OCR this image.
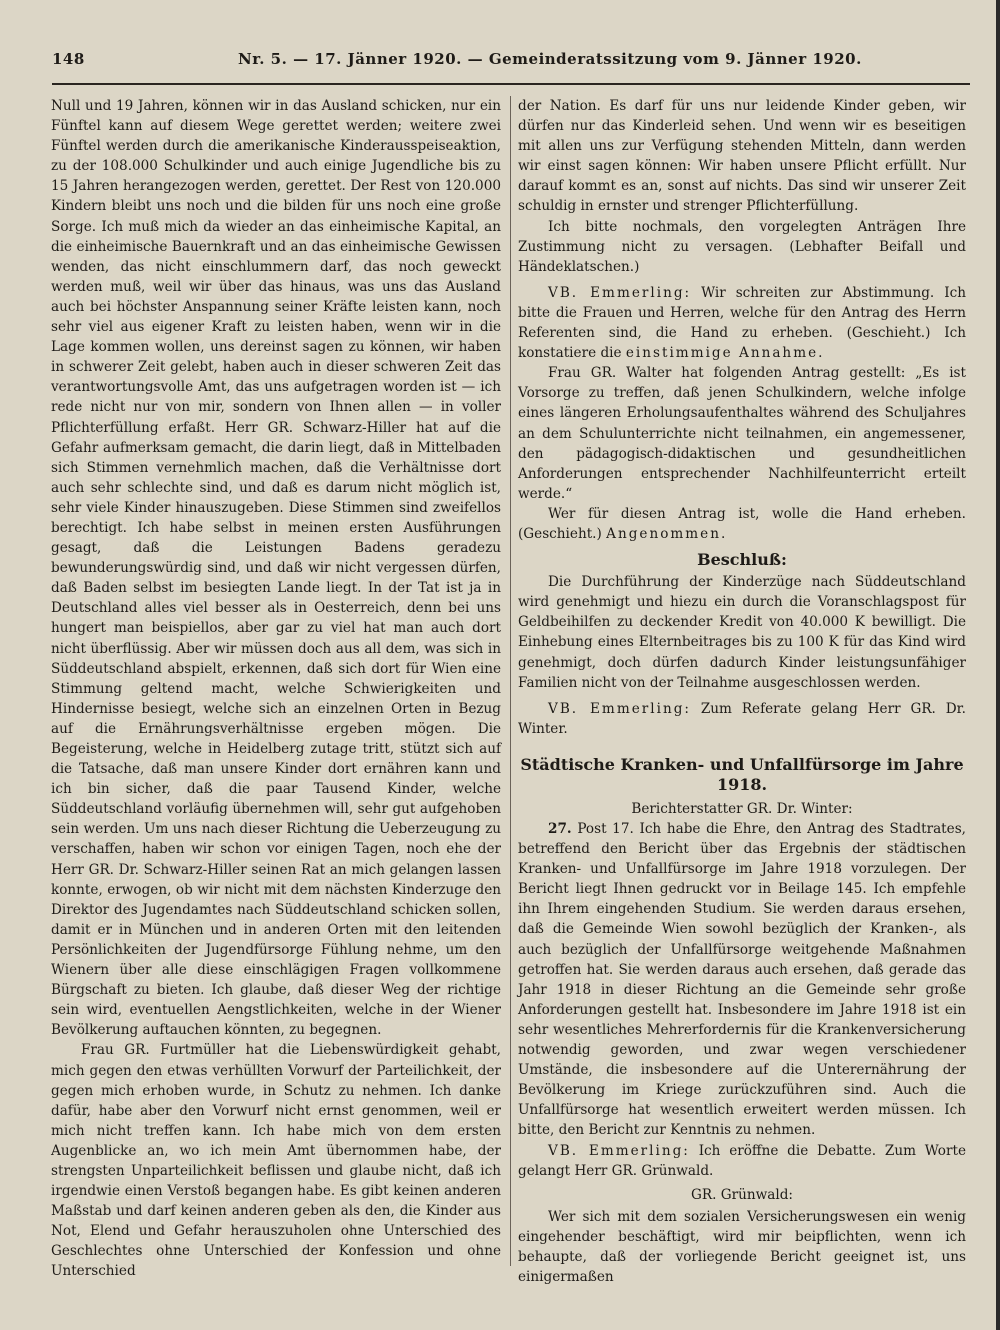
148	Nr. 5. — 17. Jänner 1920. — Gemeinderatssitzung vom 9. Jänner 1920.

Null und 19 Jahren, können wir in das Ausland schicken, nur ein Fünftel kann auf diesem Wege gerettet werden; weitere zwei Fünftel werden durch die amerikanische Kinderausspeiseaktion, zu der 108.000 Schulkinder und auch einige Jugendliche bis zu 15 Jahren herangezogen werden, gerettet. Der Rest von 120.000 Kindern bleibt uns noch und die bilden für uns noch eine große Sorge. Ich muß mich da wieder an das einheimische Kapital, an die einheimische Bauernkraft und an das einheimische Gewissen wenden, das nicht einschlummern darf, das noch geweckt werden muß, weil wir über das hinaus, was uns das Ausland auch bei höchster Anspannung seiner Kräfte leisten kann, noch sehr viel aus eigener Kraft zu leisten haben, wenn wir in die Lage kommen wollen, uns dereinst sagen zu können, wir haben in schwerer Zeit gelebt, haben auch in dieser schweren Zeit das verantwortungsvolle Amt, das uns aufgetragen worden ist — ich rede nicht nur von mir, sondern von Ihnen allen — in voller Pflichterfüllung erfaßt. Herr GR. Schwarz-Hiller hat auf die Gefahr aufmerksam gemacht, die darin liegt, daß in Mittelbaden sich Stimmen vernehmlich machen, daß die Verhältnisse dort auch sehr schlechte sind, und daß es darum nicht möglich ist, sehr viele Kinder hinauszugeben. Diese Stimmen sind zweifellos berechtigt. Ich habe selbst in meinen ersten Ausführungen gesagt, daß die Leistungen Badens geradezu bewunderungswürdig sind, und daß wir nicht vergessen dürfen, daß Baden selbst im besiegten Lande liegt. In der Tat ist ja in Deutschland alles viel besser als in Oesterreich, denn bei uns hungert man beispiellos, aber gar zu viel hat man auch dort nicht überflüssig. Aber wir müssen doch aus all dem, was sich in Süddeutschland abspielt, erkennen, daß sich dort für Wien eine Stimmung geltend macht, welche Schwierigkeiten und Hindernisse besiegt, welche sich an einzelnen Orten in Bezug auf die Ernährungsverhältnisse ergeben mögen. Die Begeisterung, welche in Heidelberg zutage tritt, stützt sich auf die Tatsache, daß man unsere Kinder dort ernähren kann und ich bin sicher, daß die paar Tausend Kinder, welche Süddeutschland vorläufig übernehmen will, sehr gut aufgehoben sein werden. Um uns nach dieser Richtung die Ueberzeugung zu verschaffen, haben wir schon vor einigen Tagen, noch ehe der Herr GR. Dr. Schwarz-Hiller seinen Rat an mich gelangen lassen konnte, erwogen, ob wir nicht mit dem nächsten Kinderzuge den Direktor des Jugendamtes nach Süddeutschland schicken sollen, damit er in München und in anderen Orten mit den leitenden Persönlichkeiten der Jugendfürsorge Fühlung nehme, um den Wienern über alle diese einschlägigen Fragen vollkommene Bürgschaft zu bieten. Ich glaube, daß dieser Weg der richtige sein wird, eventuellen Aengstlichkeiten, welche in der Wiener Bevölkerung auftauchen könnten, zu begegnen.

Frau GR. Furtmüller hat die Liebenswürdigkeit gehabt, mich gegen den etwas verhüllten Vorwurf der Parteilichkeit, der gegen mich erhoben wurde, in Schutz zu nehmen. Ich danke dafür, habe aber den Vorwurf nicht ernst genommen, weil er mich nicht treffen kann. Ich habe mich von dem ersten Augenblicke an, wo ich mein Amt übernommen habe, der strengsten Unparteilichkeit beflissen und glaube nicht, daß ich irgendwie einen Verstoß begangen habe. Es gibt keinen anderen Maßstab und darf keinen anderen geben als den, die Kinder aus Not, Elend und Gefahr herauszuholen ohne Unterschied des Geschlechtes ohne Unterschied der Konfession und ohne Unterschied

der Nation. Es darf für uns nur leidende Kinder geben, wir dürfen nur das Kinderleid sehen. Und wenn wir es beseitigen mit allen uns zur Verfügung stehenden Mitteln, dann werden wir einst sagen können: Wir haben unsere Pflicht erfüllt. Nur darauf kommt es an, sonst auf nichts. Das sind wir unserer Zeit schuldig in ernster und strenger Pflichterfüllung.

Ich bitte nochmals, den vorgelegten Anträgen Ihre Zustimmung nicht zu versagen. (Lebhafter Beifall und Händeklatschen.)

VB. Emmerling: Wir schreiten zur Abstimmung. Ich bitte die Frauen und Herren, welche für den Antrag des Herrn Referenten sind, die Hand zu erheben. (Geschieht.) Ich konstatiere die einstimmige Annahme.

Frau GR. Walter hat folgenden Antrag gestellt: „Es ist Vorsorge zu treffen, daß jenen Schulkindern, welche infolge eines längeren Erholungsaufenthaltes während des Schuljahres an dem Schulunterrichte nicht teilnahmen, ein angemessener, den pädagogisch-didaktischen und gesundheitlichen Anforderungen entsprechender Nachhilfeunterricht erteilt werde.“

Wer für diesen Antrag ist, wolle die Hand erheben. (Geschieht.) Angenommen.

Beschluß:

Die Durchführung der Kinderzüge nach Süddeutschland wird genehmigt und hiezu ein durch die Voranschlagspost für Geldbeihilfen zu deckender Kredit von 40.000 K bewilligt. Die Einhebung eines Elternbeitrages bis zu 100 K für das Kind wird genehmigt, doch dürfen dadurch Kinder leistungsunfähiger Familien nicht von der Teilnahme ausgeschlossen werden.

VB. Emmerling: Zum Referate gelang Herr GR. Dr. Winter.

Städtische Kranken- und Unfallfürsorge im Jahre 1918.
Berichterstatter GR. Dr. Winter:

27. Post 17. Ich habe die Ehre, den Antrag des Stadtrates, betreffend den Bericht über das Ergebnis der städtischen Kranken- und Unfallfürsorge im Jahre 1918 vorzulegen. Der Bericht liegt Ihnen gedruckt vor in Beilage 145. Ich empfehle ihn Ihrem eingehenden Studium. Sie werden daraus ersehen, daß die Gemeinde Wien sowohl bezüglich der Kranken-, als auch bezüglich der Unfallfürsorge weitgehende Maßnahmen getroffen hat. Sie werden daraus auch ersehen, daß gerade das Jahr 1918 in dieser Richtung an die Gemeinde sehr große Anforderungen gestellt hat. Insbesondere im Jahre 1918 ist ein sehr wesentliches Mehrerfordernis für die Krankenversicherung notwendig geworden, und zwar wegen verschiedener Umstände, die insbesondere auf die Unterernährung der Bevölkerung im Kriege zurückzuführen sind. Auch die Unfallfürsorge hat wesentlich erweitert werden müssen. Ich bitte, den Bericht zur Kenntnis zu nehmen.

VB. Emmerling: Ich eröffne die Debatte. Zum Worte gelangt Herr GR. Grünwald.

GR. Grünwald:

Wer sich mit dem sozialen Versicherungswesen ein wenig eingehender beschäftigt, wird mir beipflichten, wenn ich behaupte, daß der vorliegende Bericht geeignet ist, uns einigermaßen
